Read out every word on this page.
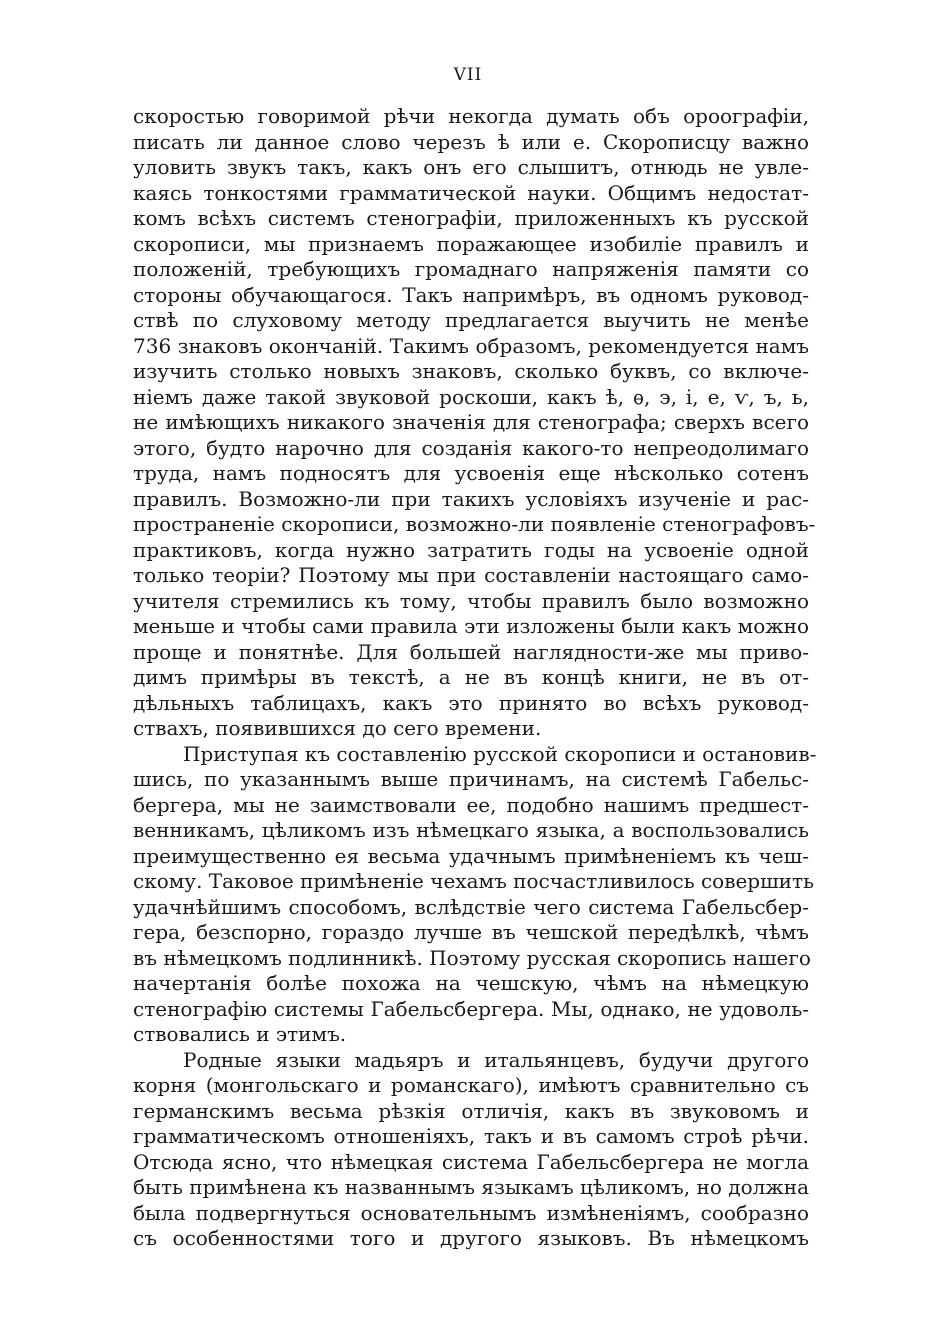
VII
скоростью говоримой рѣчи некогда думать объ ороографіи,
писать ли данное слово черезъ ѣ или е. Скорописцу важно
уловить звукъ такъ, какъ онъ его слышитъ, отнюдь не увле-
каясь тонкостями грамматической науки. Общимъ недостат-
комъ всѣхъ системъ стенографіи, приложенныхъ къ русской
скорописи, мы признаемъ поражающее изобиліе правилъ и
положеній, требующихъ громаднаго напряженія памяти со
стороны обучающагося. Такъ напримѣръ, въ одномъ руковод-
ствѣ по слуховому методу предлагается выучить не менѣе
736 знаковъ окончаній. Такимъ образомъ, рекомендуется намъ
изучить столько новыхъ знаковъ, сколько буквъ, со включе-
ніемъ даже такой звуковой роскоши, какъ ѣ, ѳ, э, і, е, ѵ, ъ, ь,
не имѣющихъ никакого значенія для стенографа; сверхъ всего
этого, будто нарочно для созданія какого-то непреодолимаго
труда, намъ подносятъ для усвоенія еще нѣсколько сотенъ
правилъ. Возможно-ли при такихъ условіяхъ изученіе и рас-
пространеніе скорописи, возможно-ли появленіе стенографовъ-
практиковъ, когда нужно затратить годы на усвоеніе одной
только теоріи? Поэтому мы при составленіи настоящаго само-
учителя стремились къ тому, чтобы правилъ было возможно
меньше и чтобы сами правила эти изложены были какъ можно
проще и понятнѣе. Для большей наглядности-же мы приво-
димъ примѣры въ текстѣ, а не въ концѣ книги, не въ от-
дѣльныхъ таблицахъ, какъ это принято во всѣхъ руковод-
ствахъ, появившихся до сего времени.
Приступая къ составленію русской скорописи и остановив-
шись, по указаннымъ выше причинамъ, на системѣ Габельс-
бергера, мы не заимствовали ее, подобно нашимъ предшест-
венникамъ, цѣликомъ изъ нѣмецкаго языка, а воспользовались
преимущественно ея весьма удачнымъ примѣненіемъ къ чеш-
скому. Таковое примѣненіе чехамъ посчастливилось совершить
удачнѣйшимъ способомъ, вслѣдствіе чего система Габельсбер-
гера, безспорно, гораздо лучше въ чешской передѣлкѣ, чѣмъ
въ нѣмецкомъ подлинникѣ. Поэтому русская скоропись нашего
начертанія болѣе похожа на чешскую, чѣмъ на нѣмецкую
стенографію системы Габельсбергера. Мы, однако, не удоволь-
ствовались и этимъ.
Родные языки мадьяръ и итальянцевъ, будучи другого
корня (монгольскаго и романскаго), имѣютъ сравнительно съ
германскимъ весьма рѣзкія отличія, какъ въ звуковомъ и
грамматическомъ отношеніяхъ, такъ и въ самомъ строѣ рѣчи.
Отсюда ясно, что нѣмецкая система Габельсбергера не могла
быть примѣнена къ названнымъ языкамъ цѣликомъ, но должна
была подвергнуться основательнымъ измѣненіямъ, сообразно
съ особенностями того и другого языковъ. Въ нѣмецкомъ
